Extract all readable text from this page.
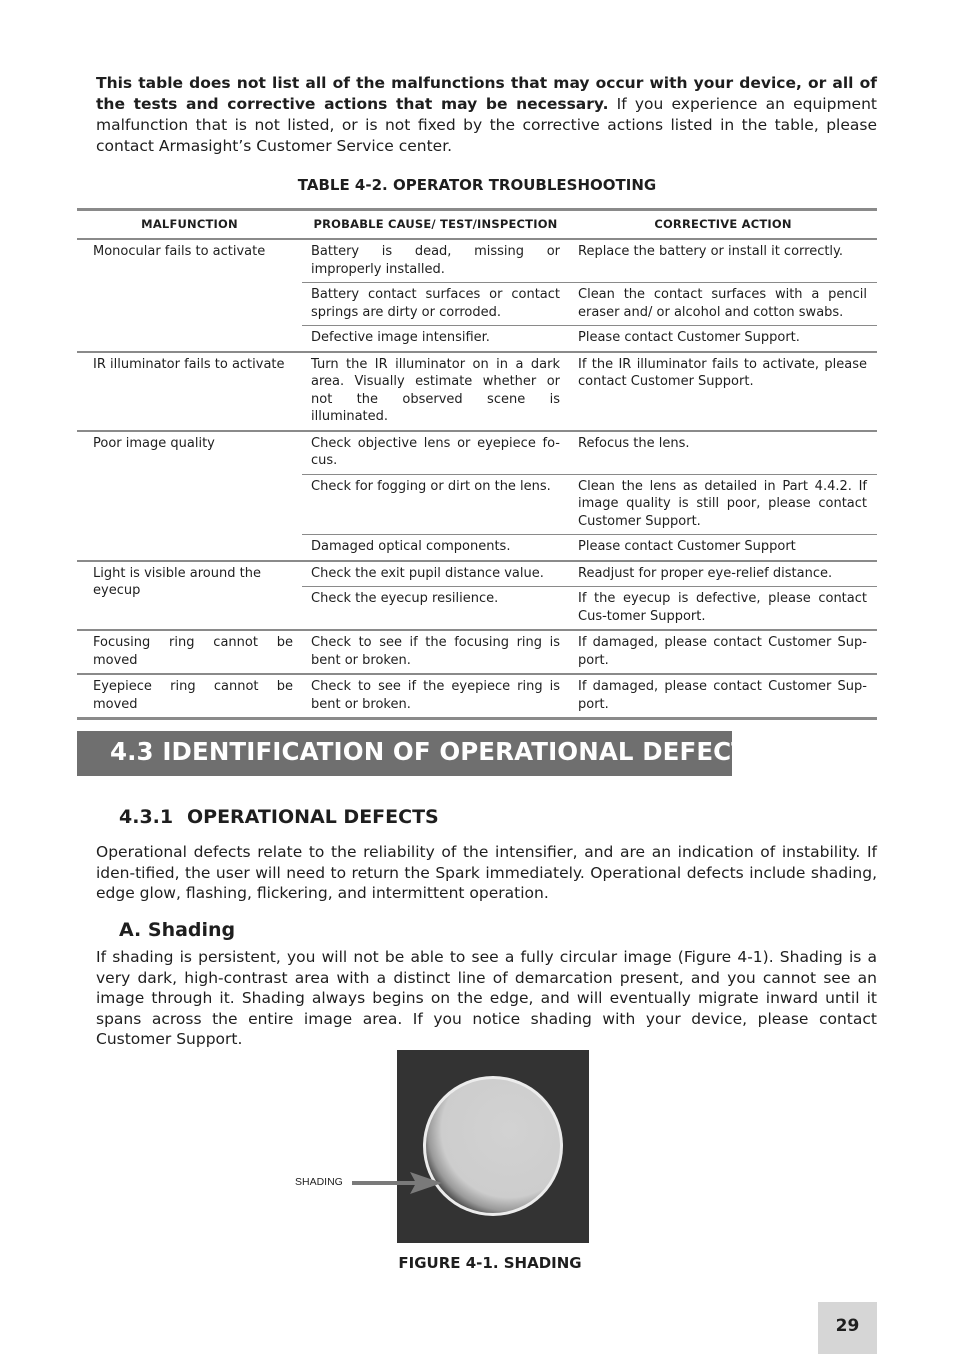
This table does not list all of the malfunctions that may occur with your device, or all of the tests and corrective actions that may be necessary. If you experience an equipment malfunction that is not listed, or is not fixed by the corrective actions listed in the table, please contact Armasight’s Customer Service center.
TABLE 4-2. OPERATOR TROUBLESHOOTING
MALFUNCTION	PROBABLE CAUSE/ TEST/INSPECTION	CORRECTIVE ACTION
Monocular fails to activate	Battery is dead, missing or improperly installed.	Replace the battery or install it correctly.
	Battery contact surfaces or contact springs are dirty or corroded.	Clean the contact surfaces with a pencil eraser and/ or alcohol and cotton swabs.
	Defective image intensifier.	Please contact Customer Support.
IR illuminator fails to activate	Turn the IR illuminator on in a dark area. Visually estimate whether or not the observed scene is illuminated.	If the IR illuminator fails to activate, please contact Customer Support.
Poor image quality	Check objective lens or eyepiece fo-cus.	Refocus the lens.
	Check for fogging or dirt on the lens.	Clean the lens as detailed in Part 4.4.2. If image quality is still poor, please contact Customer Support.
	Damaged optical components.	Please contact Customer Support
Light is visible around the eyecup	Check the exit pupil distance value.	Readjust for proper eye-relief distance.
	Check the eyecup resilience.	If the eyecup is defective, please contact Cus-tomer Support.
Focusing ring cannot be moved	Check to see if the focusing ring is bent or broken.	If damaged, please contact Customer Sup-port.
Eyepiece ring cannot be moved	Check to see if the eyepiece ring is bent or broken.	If damaged, please contact Customer Sup-port.
4.3 IDENTIFICATION OF OPERATIONAL DEFECTS
4.3.1 OPERATIONAL DEFECTS
Operational defects relate to the reliability of the intensifier, and are an indication of instability. If iden-tified, the user will need to return the Spark immediately. Operational defects include shading, edge glow, flashing, flickering, and intermittent operation.
A. Shading
If shading is persistent, you will not be able to see a fully circular image (Figure 4-1). Shading is a very dark, high-contrast area with a distinct line of demarcation present, and you cannot see an image through it. Shading always begins on the edge, and will eventually migrate inward until it spans across the entire image area. If you notice shading with your device, please contact Customer Support.
SHADING
FIGURE 4-1. SHADING
29
